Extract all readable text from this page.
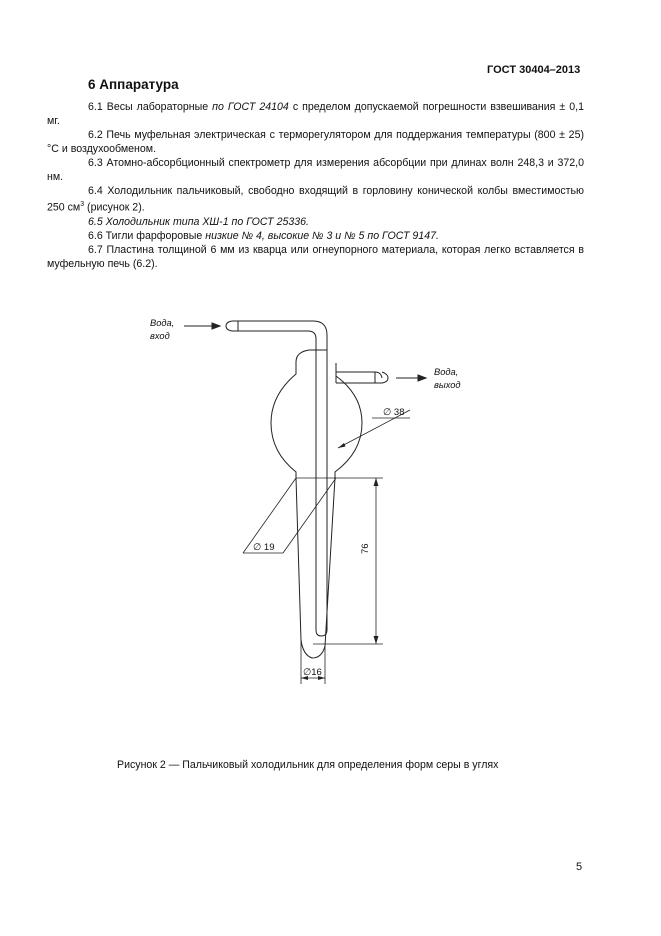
ГОСТ 30404–2013
6 Аппаратура

6.1 Весы лабораторные по ГОСТ 24104 с пределом допускаемой погрешности взвешивания ± 0,1 мг.

6.2 Печь муфельная электрическая с терморегулятором для поддержания температуры (800 ± 25) °С и воздухообменом.

6.3 Атомно-абсорбционный спектрометр для измерения абсорбции при длинах волн 248,3 и 372,0 нм.

6.4 Холодильник пальчиковый, свободно входящий в горловину конической колбы вместимостью 250 $см^3$ (рисунок 2).

6.5 Холодильник типа ХШ-1 по ГОСТ 25336.

6.6 Тигли фарфоровые низкие № 4, высокие № 3 и № 5 по ГОСТ 9147.

6.7 Пластина толщиной 6 мм из кварца или огнеупорного материала, которая легко вставляется в муфельную печь (6.2).

Вода,
вход
Вода,
выход
∅ 38
∅ 19	76
∅16
Рисунок 2 — Пальчиковый холодильник для определения форм серы в углях
5
